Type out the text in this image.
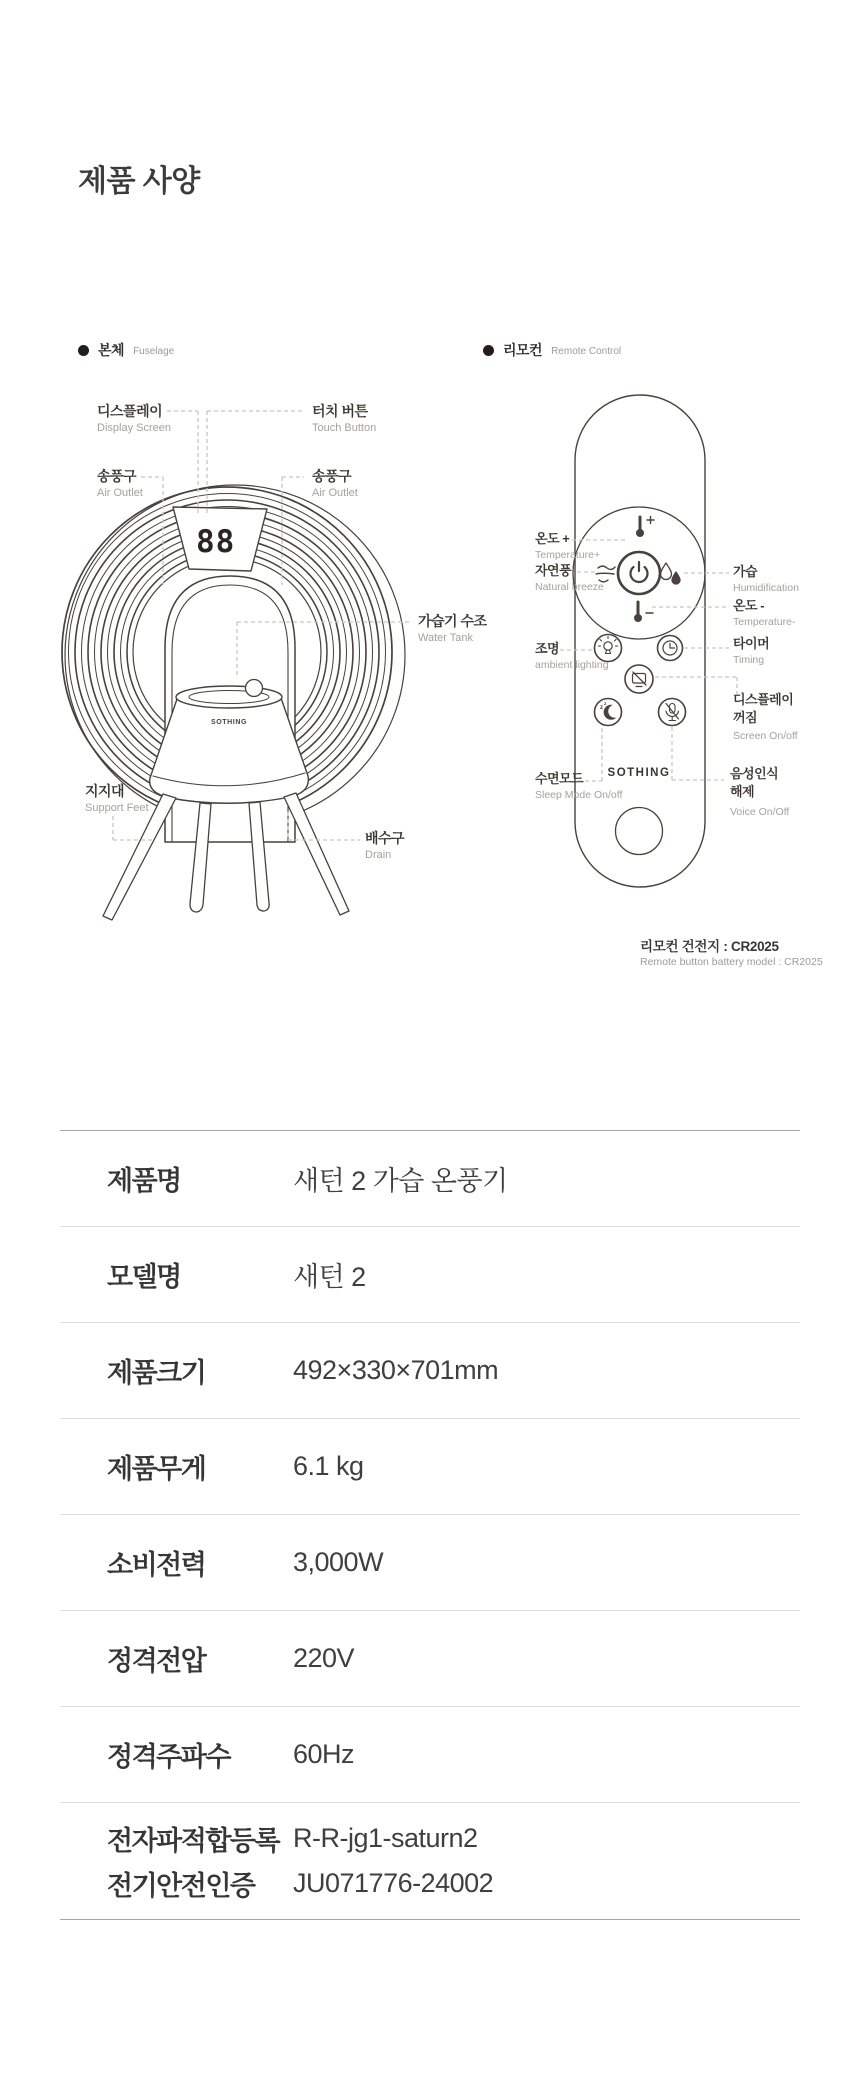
z
z
88
SOTHING
SOTHING
제품 사양
본체 Fuselage	리모컨 Remote Control
디스플레이
Display Screen
터치 버튼
Touch Button
송풍구
Air Outlet
송풍구
Air Outlet
가습기 수조
Water Tank
지지대
Support Feet
배수구
Drain
온도 +
Temperature+
자연풍
Natural breeze
조명
ambient lighting
수면모드
Sleep Mode On/off
가습
Humidification
온도 -
Temperature-
타이머
Timing
디스플레이
꺼짐
Screen On/off
음성인식
해제
Voice On/Off
리모컨 건전지 : CR2025
Remote button battery model : CR2025
제품명	새턴 2 가습 온풍기
모델명	새턴 2
제품크기	492×330×701mm
제품무게	6.1 kg
소비전력	3,000W
정격전압	220V
정격주파수	60Hz
전자파적합등록 R-R-jg1-saturn2
전기안전인증	JU071776-24002
